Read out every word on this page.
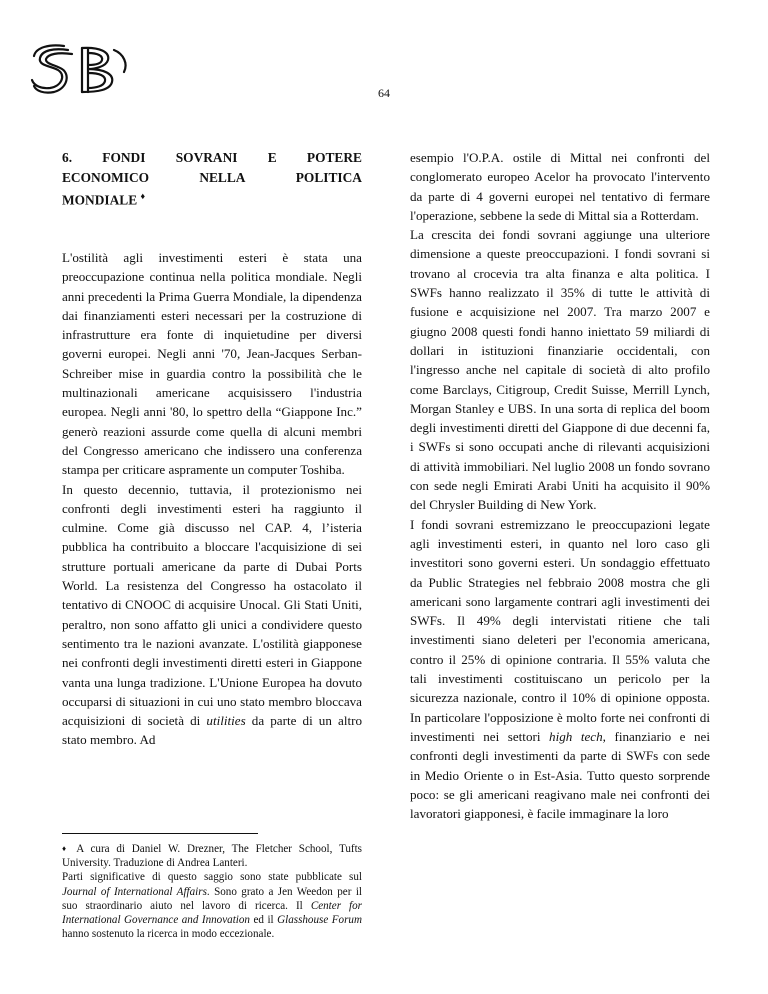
SB
64
6. FONDI SOVRANI E POTERE
ECONOMICO	NELLA	POLITICA
MONDIALE ♦

L'ostilità agli investimenti esteri è stata una preoccupazione continua nella politica mondiale. Negli anni precedenti la Prima Guerra Mondiale, la dipendenza dai finanziamenti esteri necessari per la costruzione di infrastrutture era fonte di inquietudine per diversi governi europei. Negli anni '70, Jean-Jacques Serban-Schreiber mise in guardia contro la possibilità che le multinazionali americane acquisissero l'industria europea. Negli anni '80, lo spettro della “Giappone Inc.” generò reazioni assurde come quella di alcuni membri del Congresso americano che indissero una conferenza stampa per criticare aspramente un computer Toshiba.

In questo decennio, tuttavia, il protezionismo nei confronti degli investimenti esteri ha raggiunto il culmine. Come già discusso nel CAP. 4, l’isteria pubblica ha contribuito a bloccare l'acquisizione di sei strutture portuali americane da parte di Dubai Ports World. La resistenza del Congresso ha ostacolato il tentativo di CNOOC di acquisire Unocal. Gli Stati Uniti, peraltro, non sono affatto gli unici a condividere questo sentimento tra le nazioni avanzate. L'ostilità giapponese nei confronti degli investimenti diretti esteri in Giappone vanta una lunga tradizione. L'Unione Europea ha dovuto occuparsi di situazioni in cui uno stato membro bloccava acquisizioni di società di utilities da parte di un altro stato membro. Ad

♦ A cura di Daniel W. Drezner, The Fletcher School, Tufts University. Traduzione di Andrea Lanteri.

Parti significative di questo saggio sono state pubblicate sul Journal of International Affairs. Sono grato a Jen Weedon per il suo straordinario aiuto nel lavoro di ricerca. Il Center for International Governance and Innovation ed il Glasshouse Forum hanno sostenuto la ricerca in modo eccezionale.

esempio l'O.P.A. ostile di Mittal nei confronti del conglomerato europeo Acelor ha provocato l'intervento da parte di 4 governi europei nel tentativo di fermare l'operazione, sebbene la sede di Mittal sia a Rotterdam.

La crescita dei fondi sovrani aggiunge una ulteriore dimensione a queste preoccupazioni. I fondi sovrani si trovano al crocevia tra alta finanza e alta politica. I SWFs hanno realizzato il 35% di tutte le attività di fusione e acquisizione nel 2007. Tra marzo 2007 e giugno 2008 questi fondi hanno iniettato 59 miliardi di dollari in istituzioni finanziarie occidentali, con l'ingresso anche nel capitale di società di alto profilo come Barclays, Citigroup, Credit Suisse, Merrill Lynch, Morgan Stanley e UBS. In una sorta di replica del boom degli investimenti diretti del Giappone di due decenni fa, i SWFs si sono occupati anche di rilevanti acquisizioni di attività immobiliari. Nel luglio 2008 un fondo sovrano con sede negli Emirati Arabi Uniti ha acquisito il 90% del Chrysler Building di New York.

I fondi sovrani estremizzano le preoccupazioni legate agli investimenti esteri, in quanto nel loro caso gli investitori sono governi esteri. Un sondaggio effettuato da Public Strategies nel febbraio 2008 mostra che gli americani sono largamente contrari agli investimenti dei SWFs. Il 49% degli intervistati ritiene che tali investimenti siano deleteri per l'economia americana, contro il 25% di opinione contraria. Il 55% valuta che tali investimenti costituiscano un pericolo per la sicurezza nazionale, contro il 10% di opinione opposta. In particolare l'opposizione è molto forte nei confronti di investimenti nei settori high tech, finanziario e nei confronti degli investimenti da parte di SWFs con sede in Medio Oriente o in Est-Asia. Tutto questo sorprende poco: se gli americani reagivano male nei confronti dei lavoratori giapponesi, è facile immaginare la loro
